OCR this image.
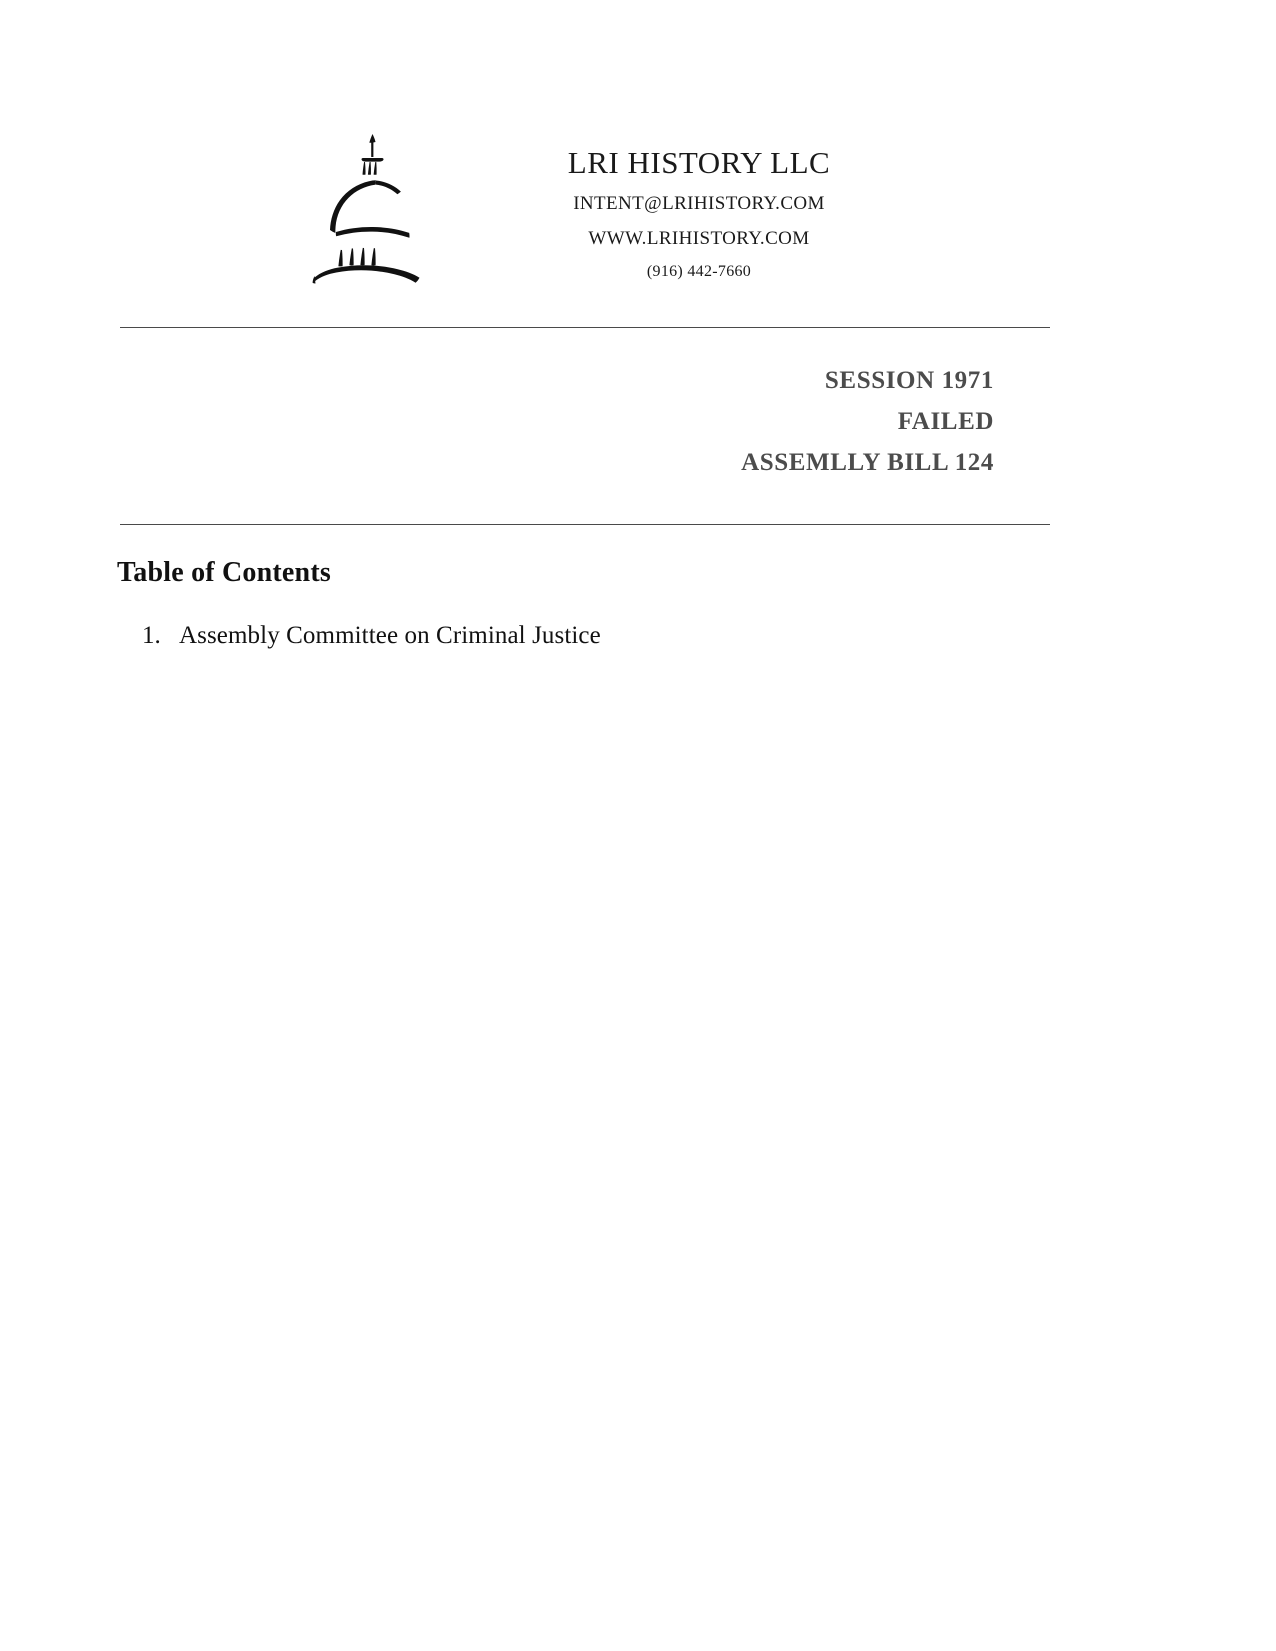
LRI HISTORY LLC
INTENT@LRIHISTORY.COM
WWW.LRIHISTORY.COM
(916) 442-7660
SESSION 1971
FAILED
ASSEMLLY BILL 124
Table of Contents
1. Assembly Committee on Criminal Justice
